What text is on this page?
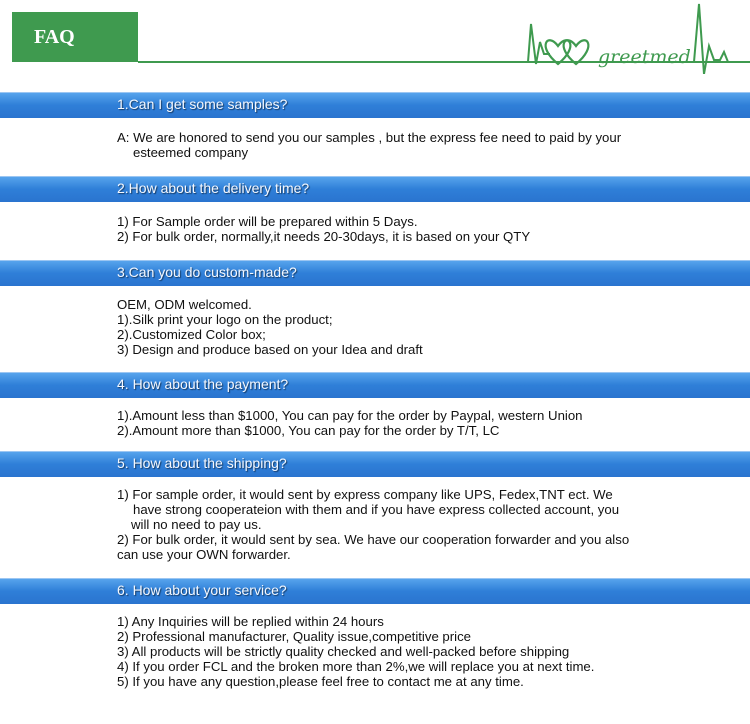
FAQ
greetmed
1.Can I get some samples?
A: We are honored to send you our samples , but the express fee need to paid by your
esteemed company
2.How about the delivery time?
1) For Sample order will be prepared within 5 Days.
2) For bulk order, normally,it needs 20-30days, it is based on your QTY
3.Can you do custom-made?
OEM, ODM welcomed.
1).Silk print your logo on the product;
2).Customized Color box;
3) Design and produce based on your Idea and draft
4. How about the payment?
1).Amount less than $1000, You can pay for the order by Paypal, western Union
2).Amount more than $1000, You can pay for the order by T/T, LC
5. How about the shipping?
1) For sample order, it would sent by express company like UPS, Fedex,TNT ect. We
have strong cooperateion with them and if you have express collected account, you
will no need to pay us.
2) For bulk order, it would sent by sea. We have our cooperation forwarder and you also
can use your OWN forwarder.
6. How about your service?
1) Any Inquiries will be replied within 24 hours
2) Professional manufacturer, Quality issue,competitive price
3) All products will be strictly quality checked and well-packed before shipping
4) If you order FCL and the broken more than 2%,we will replace you at next time.
5) If you have any question,please feel free to contact me at any time.
